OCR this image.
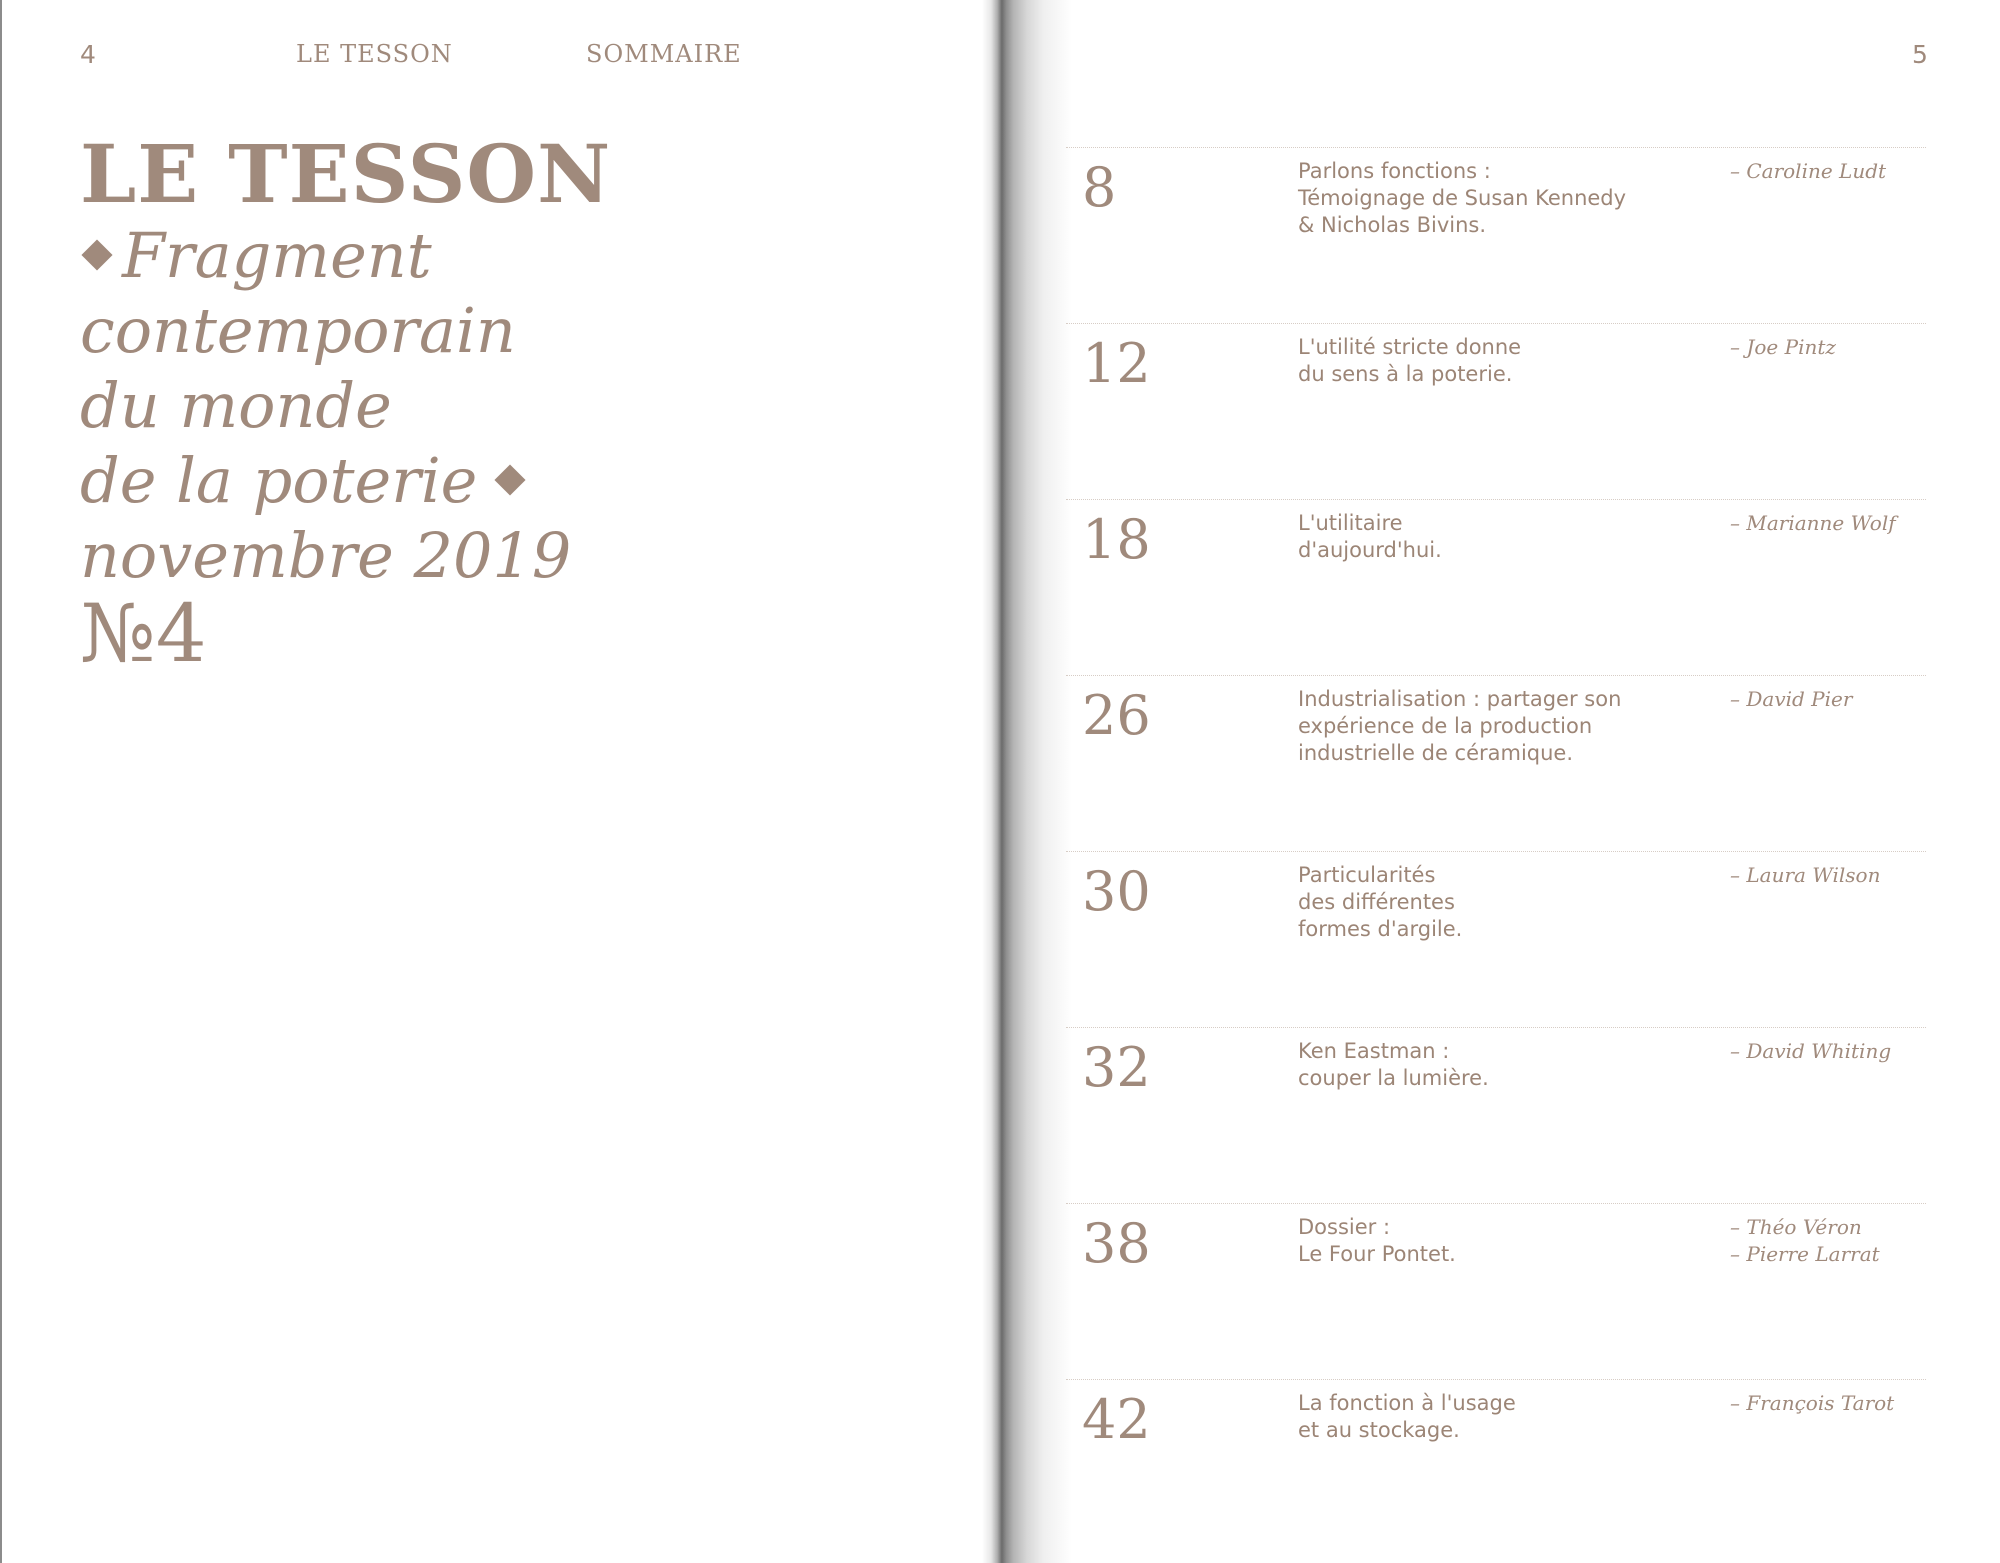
4	LE TESSON	SOMMAIRE	5
LE TESSON
Fragment
contemporain
du monde
de la poterie
novembre 2019
№4
8	Parlons fonctions :
Témoignage de Susan Kennedy
& Nicholas Bivins.
– Caroline Ludt
12	L'utilité stricte donne
du sens à la poterie.
– Joe Pintz
18	L'utilitaire
d'aujourd'hui.
– Marianne Wolf
26	Industrialisation : partager son
expérience de la production
industrielle de céramique.
– David Pier
30	Particularités
des différentes
formes d'argile.
– Laura Wilson
32	Ken Eastman :
couper la lumière.
– David Whiting
38	Dossier :
Le Four Pontet.
– Théo Véron
– Pierre Larrat
42	La fonction à l'usage
et au stockage.
– François Tarot
